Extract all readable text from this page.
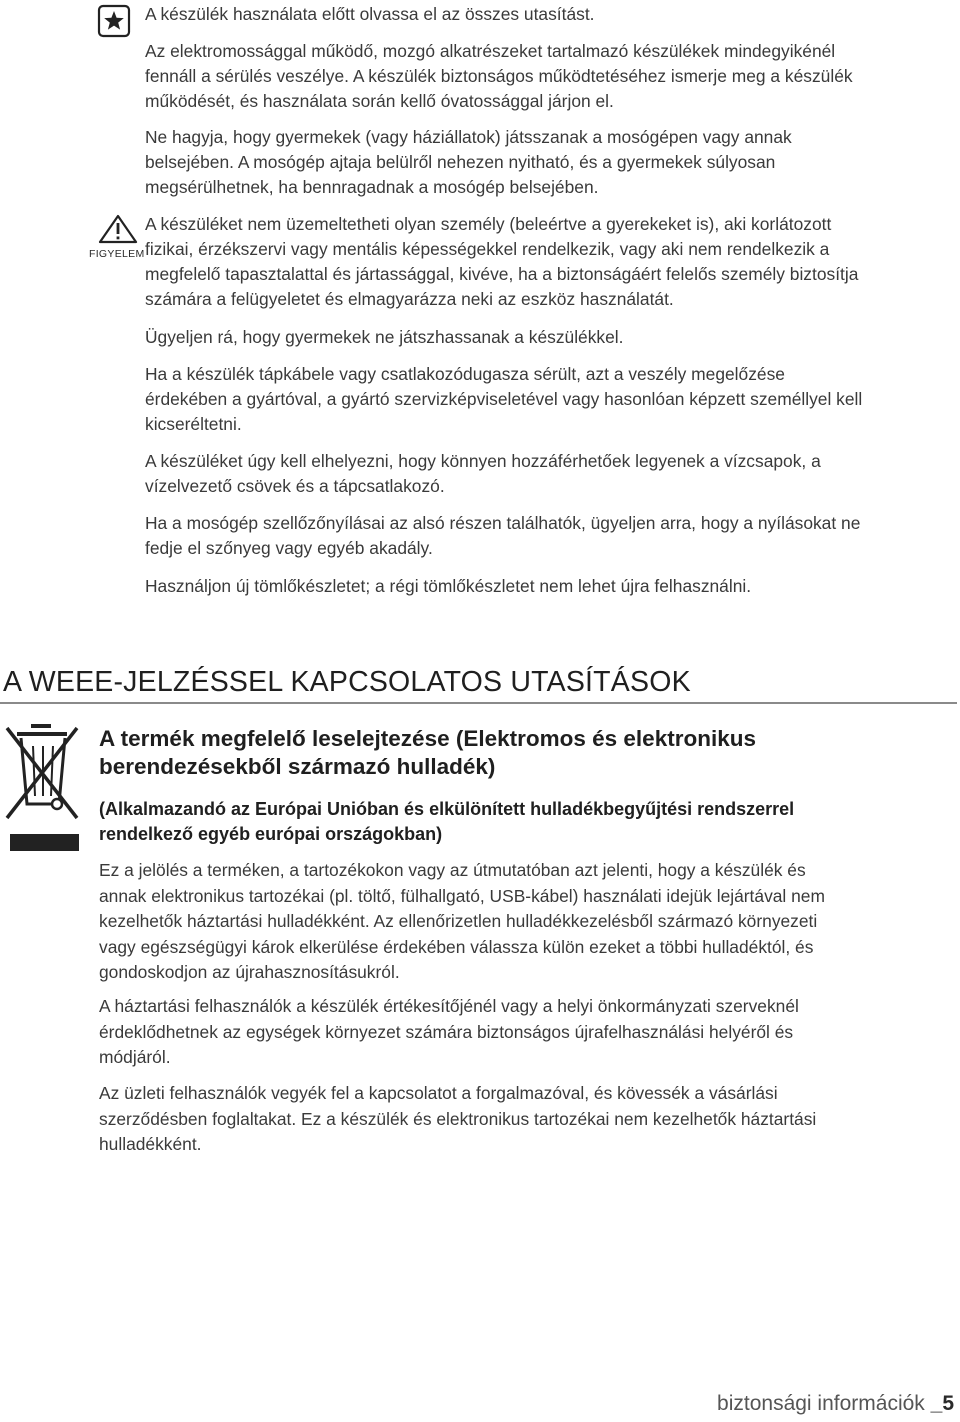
FIGYELEM

A készülék használata előtt olvassa el az összes utasítást.

Az elektromossággal működő, mozgó alkatrészeket tartalmazó készülékek mindegyikénél
fennáll a sérülés veszélye. A készülék biztonságos működtetéséhez ismerje meg a készülék
működését, és használata során kellő óvatossággal járjon el.

Ne hagyja, hogy gyermekek (vagy háziállatok) játsszanak a mosógépen vagy annak
belsejében. A mosógép ajtaja belülről nehezen nyitható, és a gyermekek súlyosan
megsérülhetnek, ha bennragadnak a mosógép belsejében.

A készüléket nem üzemeltetheti olyan személy (beleértve a gyerekeket is), aki korlátozott
fizikai, érzékszervi vagy mentális képességekkel rendelkezik, vagy aki nem rendelkezik a
megfelelő tapasztalattal és jártassággal, kivéve, ha a biztonságáért felelős személy biztosítja
számára a felügyeletet és elmagyarázza neki az eszköz használatát.

Ügyeljen rá, hogy gyermekek ne játszhassanak a készülékkel.

Ha a készülék tápkábele vagy csatlakozódugasza sérült, azt a veszély megelőzése
érdekében a gyártóval, a gyártó szervizképviseletével vagy hasonlóan képzett személlyel kell
kicseréltetni.

A készüléket úgy kell elhelyezni, hogy könnyen hozzáférhetőek legyenek a vízcsapok, a
vízelvezető csövek és a tápcsatlakozó.

Ha a mosógép szellőzőnyílásai az alsó részen találhatók, ügyeljen arra, hogy a nyílásokat ne
fedje el szőnyeg vagy egyéb akadály.

Használjon új tömlőkészletet; a régi tömlőkészletet nem lehet újra felhasználni.

A WEEE-JELZÉSSEL KAPCSOLATOS UTASÍTÁSOK
A termék megfelelő leselejtezése (Elektromos és elektronikus
berendezésekből származó hulladék)
(Alkalmazandó az Európai Unióban és elkülönített hulladékbegyűjtési rendszerrel
rendelkező egyéb európai országokban)

Ez a jelölés a terméken, a tartozékokon vagy az útmutatóban azt jelenti, hogy a készülék és
annak elektronikus tartozékai (pl. töltő, fülhallgató, USB-kábel) használati idejük lejártával nem
kezelhetők háztartási hulladékként. Az ellenőrizetlen hulladékkezelésből származó környezeti
vagy egészségügyi károk elkerülése érdekében válassza külön ezeket a többi hulladéktól, és
gondoskodjon az újrahasznosításukról.

A háztartási felhasználók a készülék értékesítőjénél vagy a helyi önkormányzati szerveknél
érdeklődhetnek az egységek környezet számára biztonságos újrafelhasználási helyéről és
módjáról.

Az üzleti felhasználók vegyék fel a kapcsolatot a forgalmazóval, és kövessék a vásárlási
szerződésben foglaltakat. Ez a készülék és elektronikus tartozékai nem kezelhetők háztartási
hulladékként.

biztonsági információk _5
